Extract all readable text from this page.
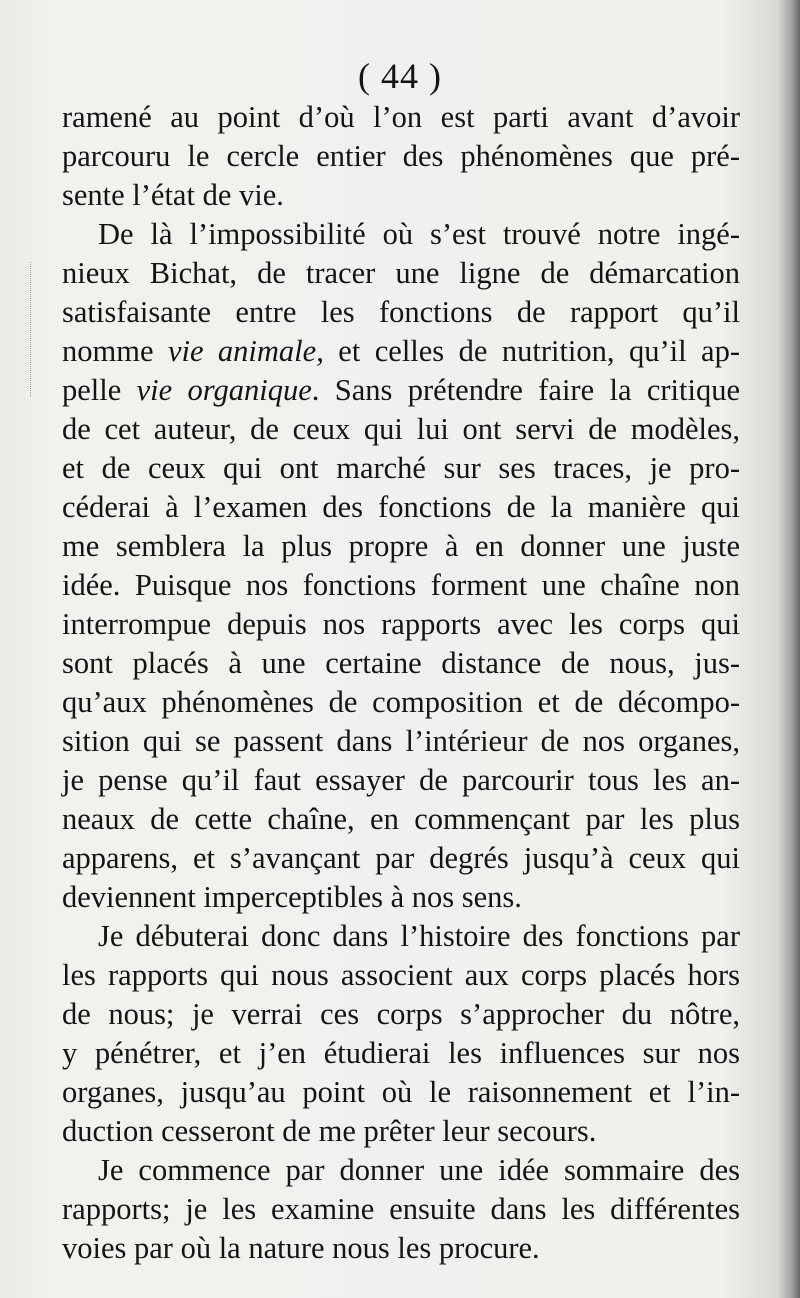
( 44 )
ramené au point d’où l’on est parti avant d’avoir
parcouru le cercle entier des phénomènes que pré-
sente l’état de vie.
De là l’impossibilité où s’est trouvé notre ingé-
nieux Bichat, de tracer une ligne de démarcation
satisfaisante entre les fonctions de rapport qu’il
nomme vie animale, et celles de nutrition, qu’il ap-
pelle vie organique. Sans prétendre faire la critique
de cet auteur, de ceux qui lui ont servi de modèles,
et de ceux qui ont marché sur ses traces, je pro-
céderai à l’examen des fonctions de la manière qui
me semblera la plus propre à en donner une juste
idée. Puisque nos fonctions forment une chaîne non
interrompue depuis nos rapports avec les corps qui
sont placés à une certaine distance de nous, jus-
qu’aux phénomènes de composition et de décompo-
sition qui se passent dans l’intérieur de nos organes,
je pense qu’il faut essayer de parcourir tous les an-
neaux de cette chaîne, en commençant par les plus
apparens, et s’avançant par degrés jusqu’à ceux qui
deviennent imperceptibles à nos sens.
Je débuterai donc dans l’histoire des fonctions par
les rapports qui nous associent aux corps placés hors
de nous; je verrai ces corps s’approcher du nôtre,
y pénétrer, et j’en étudierai les influences sur nos
organes, jusqu’au point où le raisonnement et l’in-
duction cesseront de me prêter leur secours.
Je commence par donner une idée sommaire des
rapports; je les examine ensuite dans les différentes
voies par où la nature nous les procure.
